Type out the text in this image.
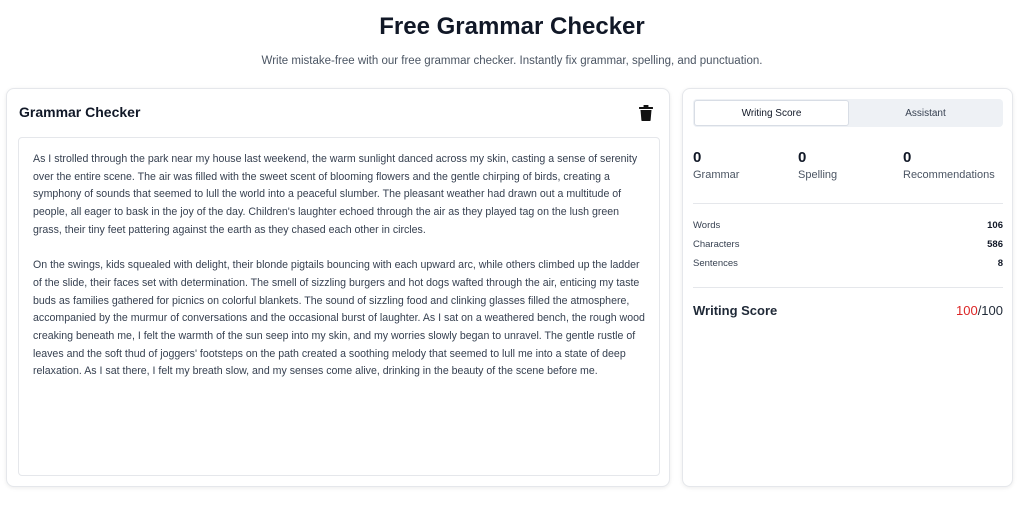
Free Grammar Checker
Write mistake-free with our free grammar checker. Instantly fix grammar, spelling, and punctuation.
Grammar Checker

As I strolled through the park near my house last weekend, the warm sunlight danced across my skin, casting a sense of serenity over the entire scene. The air was filled with the sweet scent of blooming flowers and the gentle chirping of birds, creating a symphony of sounds that seemed to lull the world into a peaceful slumber. The pleasant weather had drawn out a multitude of people, all eager to bask in the joy of the day. Children's laughter echoed through the air as they played tag on the lush green grass, their tiny feet pattering against the earth as they chased each other in circles.

On the swings, kids squealed with delight, their blonde pigtails bouncing with each upward arc, while others climbed up the ladder of the slide, their faces set with determination. The smell of sizzling burgers and hot dogs wafted through the air, enticing my taste buds as families gathered for picnics on colorful blankets. The sound of sizzling food and clinking glasses filled the atmosphere, accompanied by the murmur of conversations and the occasional burst of laughter. As I sat on a weathered bench, the rough wood creaking beneath me, I felt the warmth of the sun seep into my skin, and my worries slowly began to unravel. The gentle rustle of leaves and the soft thud of joggers' footsteps on the path created a soothing melody that seemed to lull me into a state of deep relaxation. As I sat there, I felt my breath slow, and my senses come alive, drinking in the beauty of the scene before me.

Writing Score	Assistant
0
Grammar
0
Spelling
0
Recommendations
Words	106
Characters	586
Sentences	8
Writing Score	100/100
